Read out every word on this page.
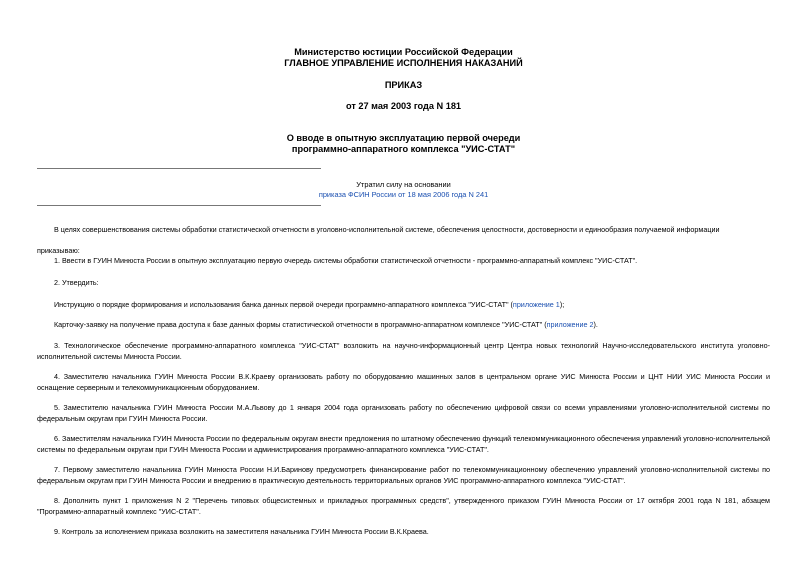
Министерство юстиции Российской Федерации
ГЛАВНОЕ УПРАВЛЕНИЕ ИСПОЛНЕНИЯ НАКАЗАНИЙ
ПРИКАЗ
от 27 мая 2003 года N 181
О вводе в опытную эксплуатацию первой очереди
программно-аппаратного комплекса "УИС-СТАТ"
Утратил силу на основании
приказа ФСИН России от 18 мая 2006 года N 241
В целях совершенствования системы обработки статистической отчетности в уголовно-исполнительной системе, обеспечения целостности, достоверности и единообразия получаемой информации
приказываю:
1. Ввести в ГУИН Минюста России в опытную эксплуатацию первую очередь системы обработки статистической отчетности - программно-аппаратный комплекс "УИС-СТАТ".
2. Утвердить:
Инструкцию о порядке формирования и использования банка данных первой очереди программно-аппаратного комплекса "УИС-СТАТ" (приложение 1);
Карточку-заявку на получение права доступа к базе данных формы статистической отчетности в программно-аппаратном комплексе "УИС-СТАТ" (приложение 2).
3. Технологическое обеспечение программно-аппаратного комплекса "УИС-СТАТ" возложить на научно-информационный центр Центра новых технологий Научно-исследовательского института уголовно-
исполнительной системы Минюста России.
4. Заместителю начальника ГУИН Минюста России В.К.Краеву организовать работу по оборудованию машинных залов в центральном органе УИС Минюста России и ЦНТ НИИ УИС Минюста России и
оснащение серверным и телекоммуникационным оборудованием.
5. Заместителю начальника ГУИН Минюста России М.А.Львову до 1 января 2004 года организовать работу по обеспечению цифровой связи со всеми управлениями уголовно-исполнительной системы по
федеральным округам при ГУИН Минюста России.
6. Заместителям начальника ГУИН Минюста России по федеральным округам внести предложения по штатному обеспечению функций телекоммуникационного обеспечения управлений уголовно-исполнительной
системы по федеральным округам при ГУИН Минюста России и администрирования программно-аппаратного комплекса "УИС-СТАТ".
7. Первому заместителю начальника ГУИН Минюста России Н.И.Баринову предусмотреть финансирование работ по телекоммуникационному обеспечению управлений уголовно-исполнительной системы по
федеральным округам при ГУИН Минюста России и внедрению в практическую деятельность территориальных органов УИС программно-аппаратного комплекса "УИС-СТАТ".
8. Дополнить пункт 1 приложения N 2 "Перечень типовых общесистемных и прикладных программных средств", утвержденного приказом ГУИН Минюста России от 17 октября 2001 года N 181, абзацем
"Программно-аппаратный комплекс "УИС-СТАТ".
9. Контроль за исполнением приказа возложить на заместителя начальника ГУИН Минюста России В.К.Краева.
